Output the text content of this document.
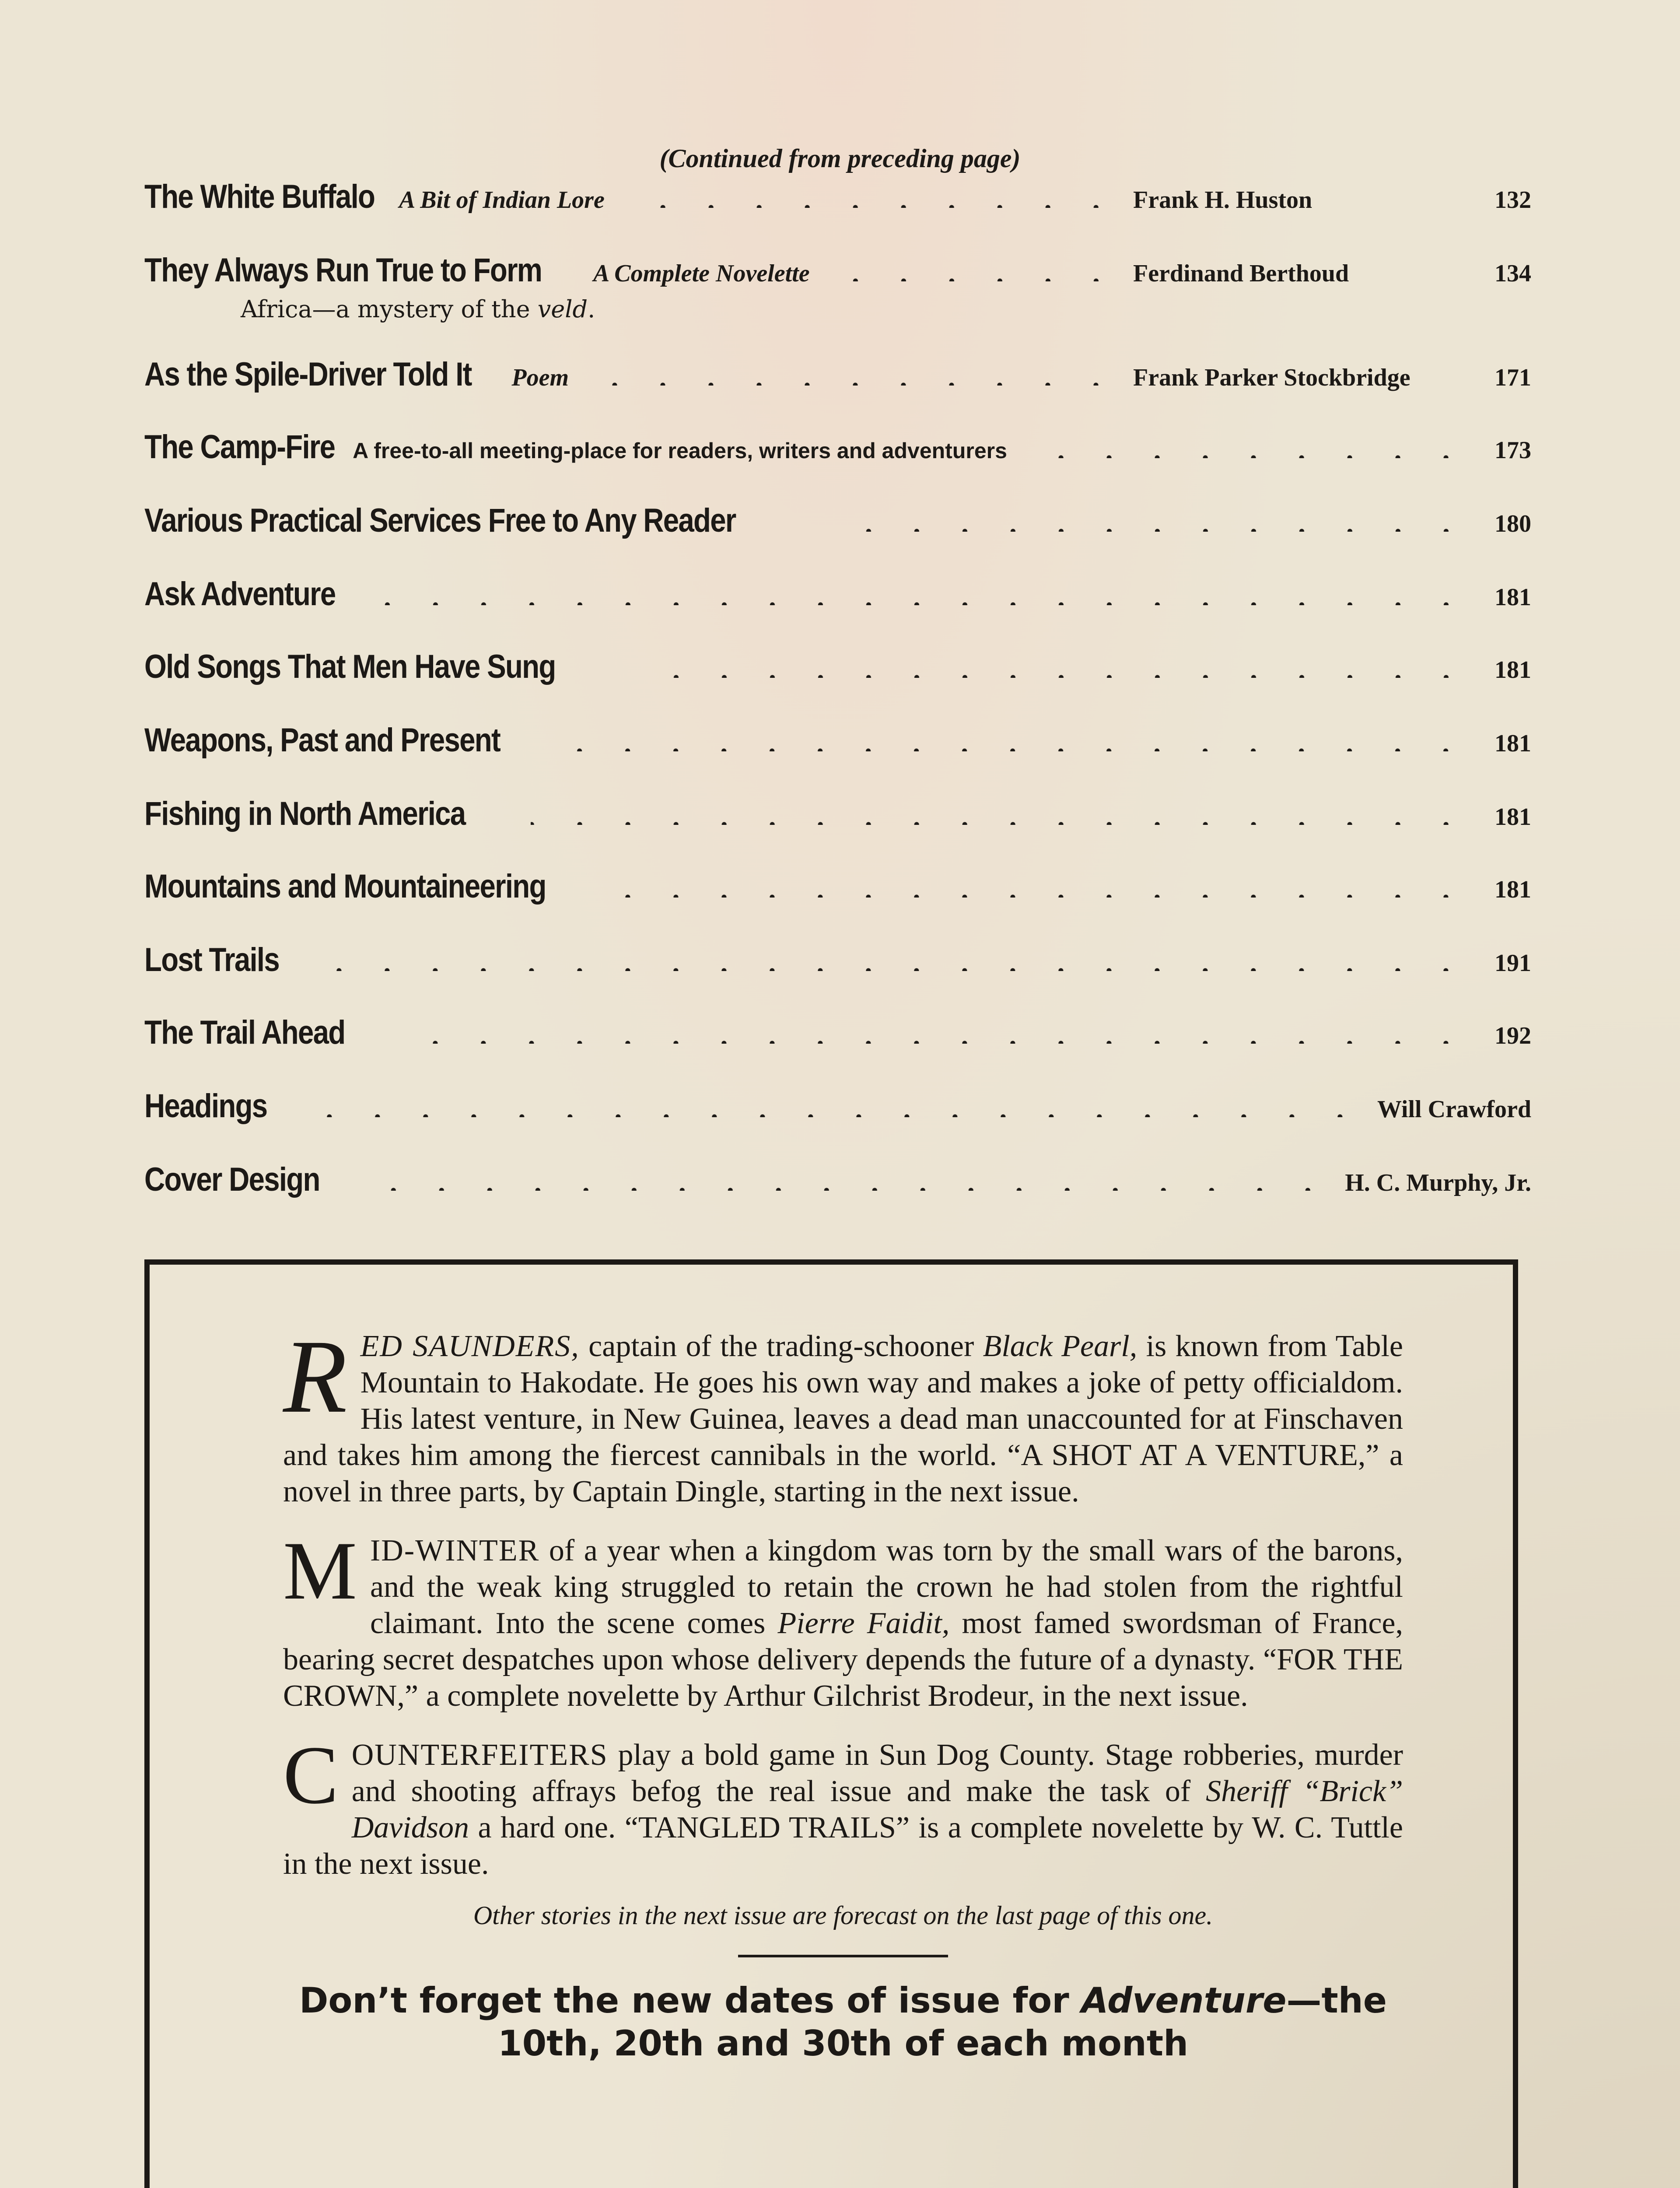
(Continued from preceding page)
The White Buffalo A Bit of Indian Lore	Frank H. Huston	132
They Always Run True to Form A Complete Novelette	Ferdinand Berthoud	134
Africa—a mystery of the veld.
As the Spile-Driver Told It Poem	Frank Parker Stockbridge	171
The Camp-Fire A free-to-all meeting-place for readers, writers and adventurers	173
Various Practical Services Free to Any Reader	180
Ask Adventure	181
Old Songs That Men Have Sung	181
Weapons, Past and Present	181
Fishing in North America	181
Mountains and Mountaineering	181
Lost Trails	191
The Trail Ahead	192
Headings	Will Crawford
Cover Design	H. C. Murphy, Jr.

RED SAUNDERS, captain of the trading-schooner Black Pearl, is known from Table Mountain to Hakodate. He goes his own way and makes a joke of petty officialdom. His latest venture, in New Guinea, leaves a dead man unaccounted for at Finschaven and takes him among the fiercest cannibals in the world. “A SHOT AT A VENTURE,” a novel in three parts, by Captain Dingle, starting in the next issue.

MID-WINTER of a year when a kingdom was torn by the small wars of the barons, and the weak king struggled to retain the crown he had stolen from the rightful claimant. Into the scene comes Pierre Faidit, most famed swordsman of France, bearing secret despatches upon whose delivery depends the future of a dynasty. “FOR THE CROWN,” a complete novelette by Arthur Gilchrist Brodeur, in the next issue.

COUNTERFEITERS play a bold game in Sun Dog County. Stage robberies, murder and shooting affrays befog the real issue and make the task of Sheriff “Brick” Davidson a hard one. “TANGLED TRAILS” is a complete novelette by W. C. Tuttle in the next issue.

Other stories in the next issue are forecast on the last page of this one.
Don’t forget the new dates of issue for Adventure—the
10th, 20th and 30th of each month
